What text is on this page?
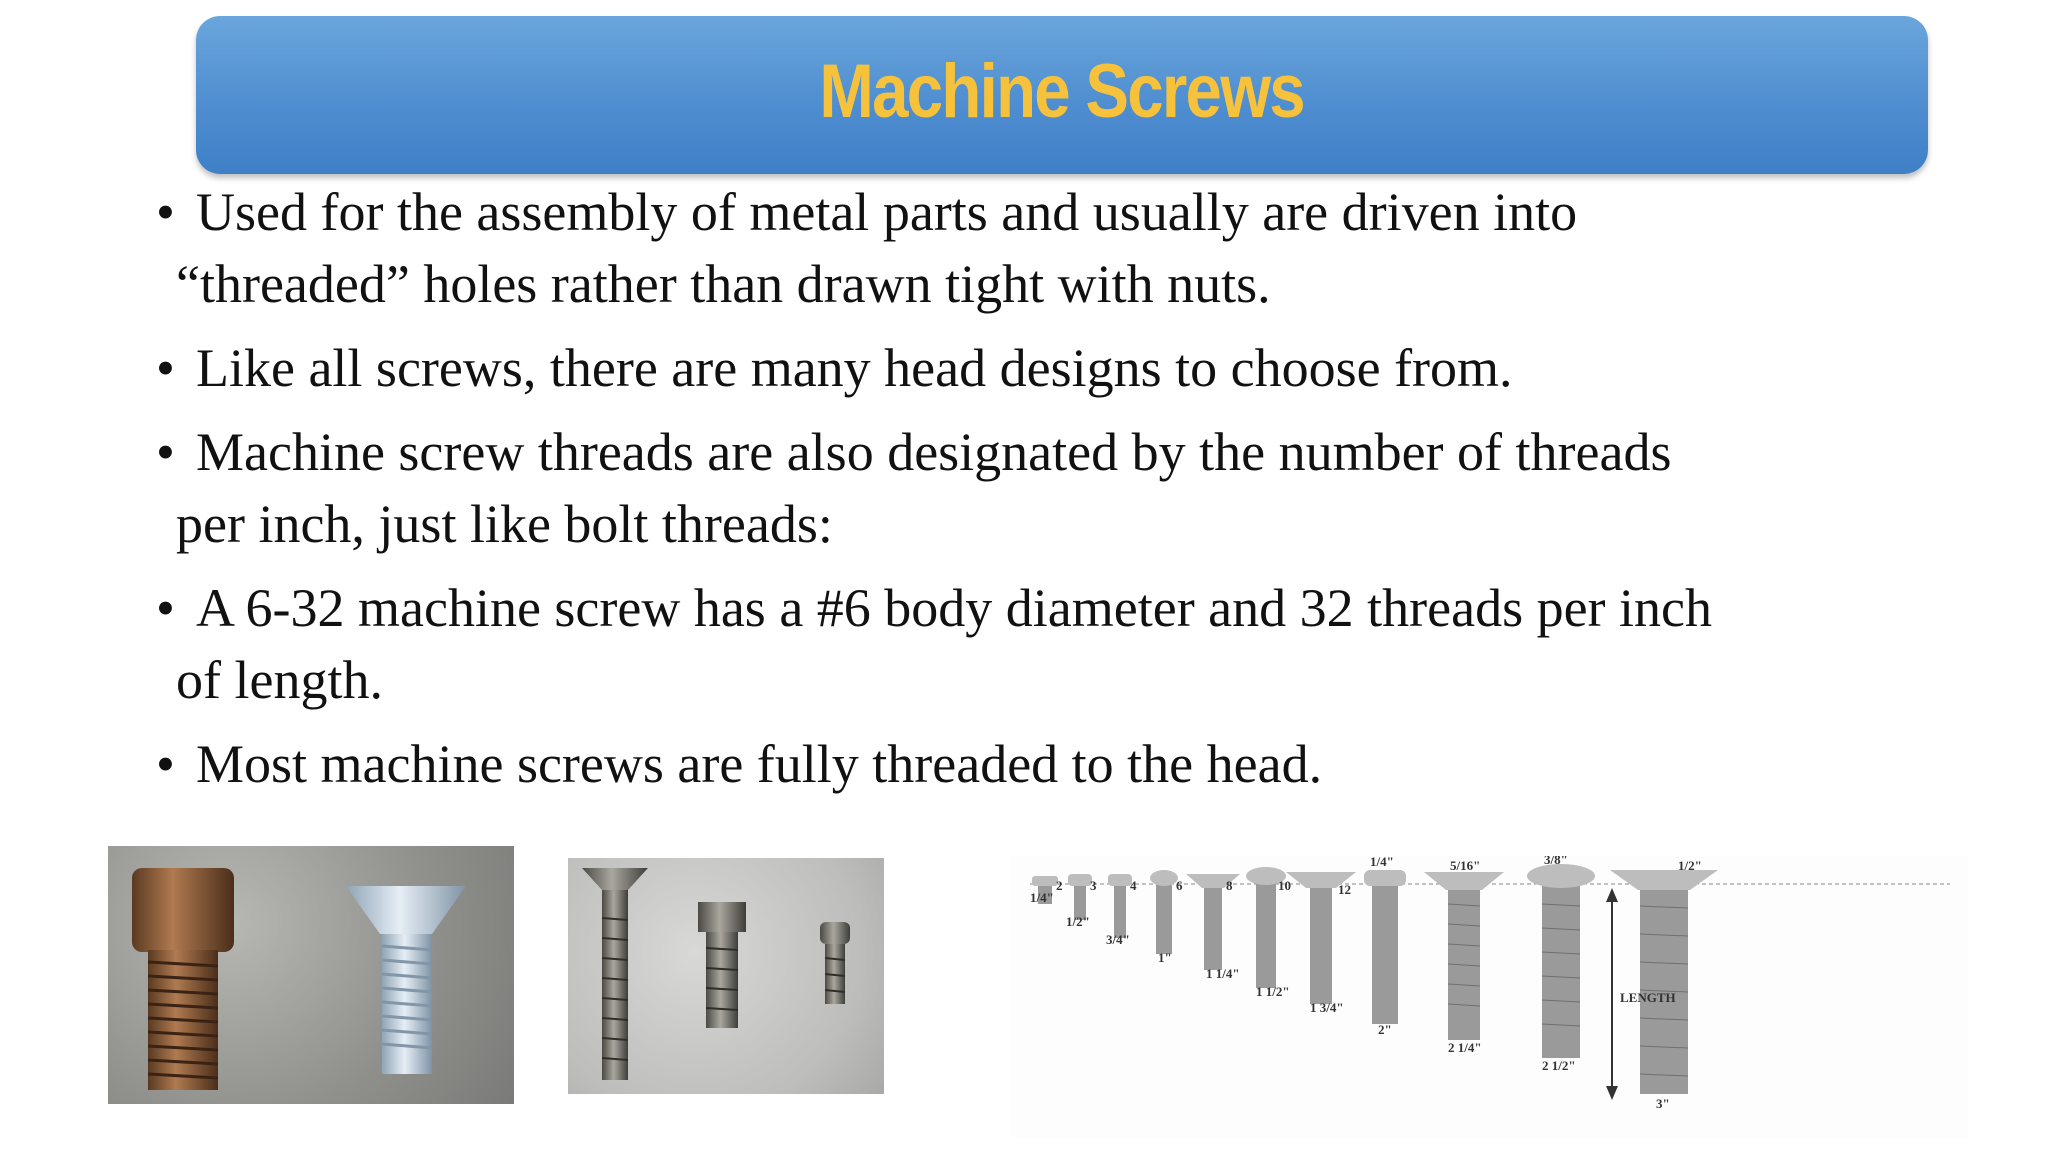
Machine Screws
• Used for the assembly of metal parts and usually are driven into
“threaded” holes rather than drawn tight with nuts.
• Like all screws, there are many head designs to choose from.
• Machine screw threads are also designated by the number of threads
per inch, just like bolt threads:
• A 6-32 machine screw has a #6 body diameter and 32 threads per inch
of length.
• Most machine screws are fully threaded to the head.
2 3	4	6	8	10	12
1/4"	5/16"	3/8"	1/2"
1/4"
1/2"
3/4"
1"
1 1/4"
1 1/2"
1 3/4"
2"
2 1/4"
2 1/2"
3"
LENGTH
